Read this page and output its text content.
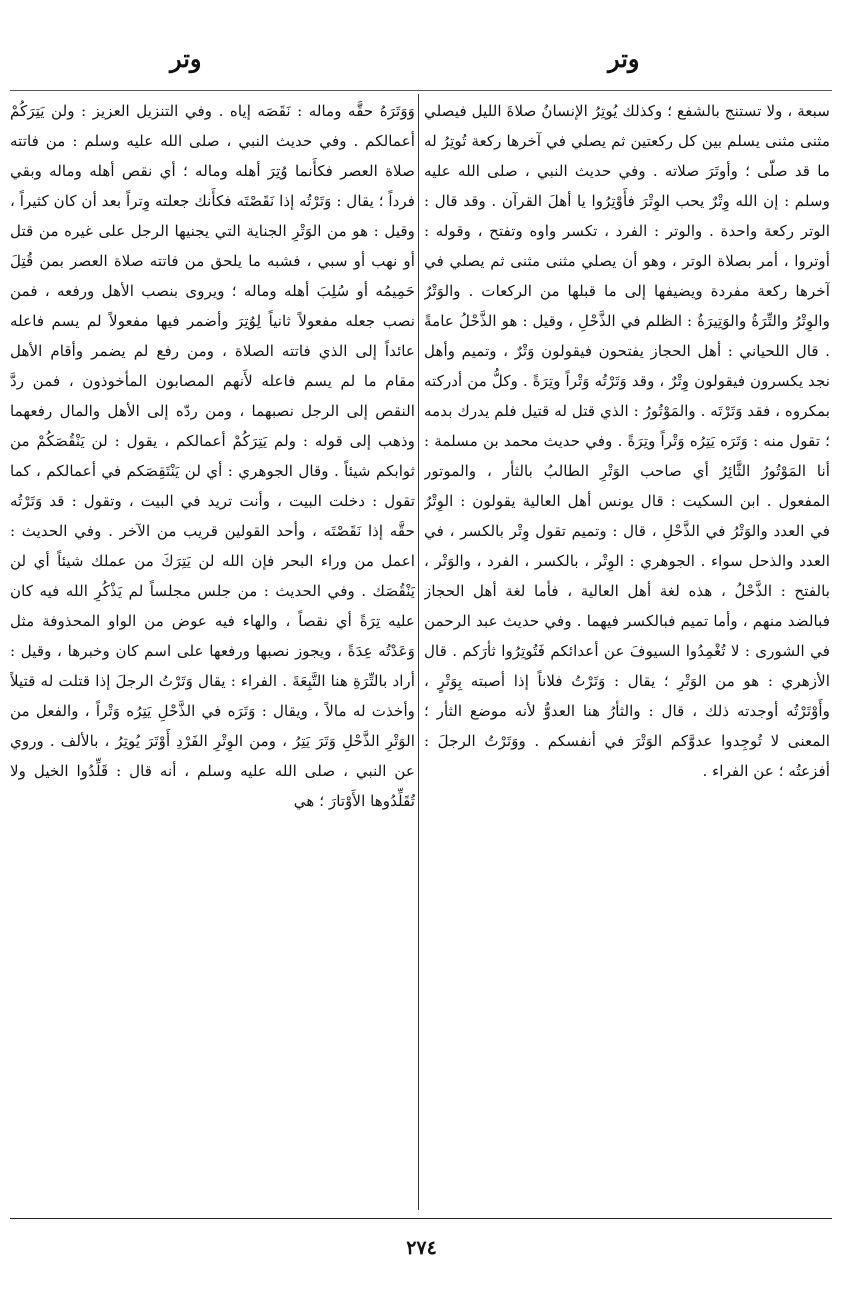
وتر
وتر

سبعة ، ولا تستنج بالشفع ؛ وكذلك يُوتِرُ الإنسانُ صلاةَ الليل فيصلي مثنى مثنى يسلم بين كل ركعتين ثم يصلي في آخرها ركعة تُوتِرُ له ما قد صلّى ؛ وأوتَرَ صلاته . وفي حديث النبي ، صلى الله عليه وسلم : إن الله وِتْرٌ يحب الوِتْرَ فأَوْتِرُوا يا أهلَ القرآن . وقد قال : الوتر ركعة واحدة . والوتر : الفرد ، تكسر واوه وتفتح ، وقوله : أوتروا ، أمر بصلاة الوتر ، وهو أن يصلي مثنى مثنى ثم يصلي في آخرها ركعة مفردة ويضيفها إلى ما قبلها من الركعات . والوَتْرُ والوِتْرُ والتِّرَةُ والوَتِيرَةُ : الظلم في الذَّحْلِ ، وقيل : هو الذَّحْلُ عامةً . قال اللحياني : أهل الحجاز يفتحون فيقولون وَتْرٌ ، وتميم وأهل نجد يكسرون فيقولون وِتْرٌ ، وقد وَتَرْتُه وَتْراً وتِرَةً . وكلُّ من أدركته بمكروه ، فقد وَتَرْتَه . والمَوْتُورُ : الذي قتل له قتيل فلم يدرك بدمه ؛ تقول منه : وَتَرَه يَتِرُه وَتْراً وتِرَةً . وفي حديث محمد بن مسلمة : أنا المَوْتُورُ الثَّائِرُ أي صاحب الوَتْرِ الطالبُ بالثأر ، والموتور المفعول . ابن السكيت : قال يونس أهل العالية يقولون : الوِتْرُ في العدد والوَتْرُ في الذَّحْلِ ، قال : وتميم تقول وِتْر بالكسر ، في العدد والذحل سواء . الجوهري : الوِتْر ، بالكسر ، الفرد ، والوَتْر ، بالفتح : الذَّحْلُ ، هذه لغة أهل العالية ، فأما لغة أهل الحجاز فبالضد منهم ، وأما تميم فبالكسر فيهما . وفي حديث عبد الرحمن في الشورى : لا تُغْمِدُوا السيوفَ عن أعدائكم فَتُوتِرُوا ثأرَكم . قال الأزهري : هو من الوَتْرِ ؛ يقال : وَتَرْتُ فلاناً إذا أصبته بِوَتْرٍ ، وأَوْتَرْتُه أوجدته ذلك ، قال : والثأرُ هنا العدوُّ لأنه موضع الثأر ؛ المعنى لا تُوجِدوا عدوَّكم الوَتْرَ في أنفسكم . ووَتَرْتُ الرجلَ : أفزعتُه ؛ عن الفراء .

وَوَتَرَهُ حقَّه وماله : نَقَصَه إياه . وفي التنزيل العزيز : ولن يَتِرَكُمْ أعمالكم . وفي حديث النبي ، صلى الله عليه وسلم : من فاتته صلاة العصر فكأَنما وُتِرَ أهله وماله ؛ أي نقص أهله وماله وبقي فرداً ؛ يقال : وَتَرْتُه إذا نَقَصْتَه فكأَنك جعلته وِتراً بعد أن كان كثيراً ، وقيل : هو من الوَتْرِ الجناية التي يجنيها الرجل على غيره من قتل أو نهب أو سبي ، فشبه ما يلحق من فاتته صلاة العصر بمن قُتِلَ حَمِيمُه أو سُلِبَ أهله وماله ؛ ويروى بنصب الأهل ورفعه ، فمن نصب جعله مفعولاً ثانياً لِوُتِرَ وأضمر فيها مفعولاً لم يسم فاعله عائداً إلى الذي فاتته الصلاة ، ومن رفع لم يضمر وأقام الأهل مقام ما لم يسم فاعله لأَنهم المصابون المأخوذون ، فمن ردَّ النقص إلى الرجل نصبهما ، ومن ردّه إلى الأهل والمال رفعهما وذهب إلى قوله : ولم يَتِرَكُمْ أعمالكم ، يقول : لن يَنْقُصَكُمْ من ثوابكم شيئاً . وقال الجوهري : أي لن يَنْتَقِصَكم في أعمالكم ، كما تقول : دخلت البيت ، وأنت تريد في البيت ، وتقول : قد وَتَرْتُه حقَّه إذا نَقَصْتَه ، وأحد القولين قريب من الآخر . وفي الحديث : اعمل من وراء البحر فإن الله لن يَتِرَكَ من عملك شيئاً أي لن يَنْقُصَك . وفي الحديث : من جلس مجلساً لم يَذْكُرِ الله فيه كان عليه تِرَةً أي نقصاً ، والهاء فيه عوض من الواو المحذوفة مثل وَعَدْتُه عِدَةً ، ويجوز نصبها ورفعها على اسم كان وخبرها ، وقيل : أراد بالتِّرَةِ هنا التَّبِعَةَ . الفراء : يقال وَتَرْتُ الرجلَ إذا قتلت له قتيلاً وأخذت له مالاً ، ويقال : وَتَرَه في الذَّحْلِ يَتِرُه وَتْراً ، والفعل من الوَتْرِ الذَّحْلِ وَتَرَ يَتِرُ ، ومن الوِتْرِ الفَرْدِ أَوْتَرَ يُوتِرُ ، بالألف . وروي عن النبي ، صلى الله عليه وسلم ، أنه قال : قَلِّدُوا الخيل ولا تُقَلِّدُوها الأَوْتارَ ؛ هي

٢٧٤
